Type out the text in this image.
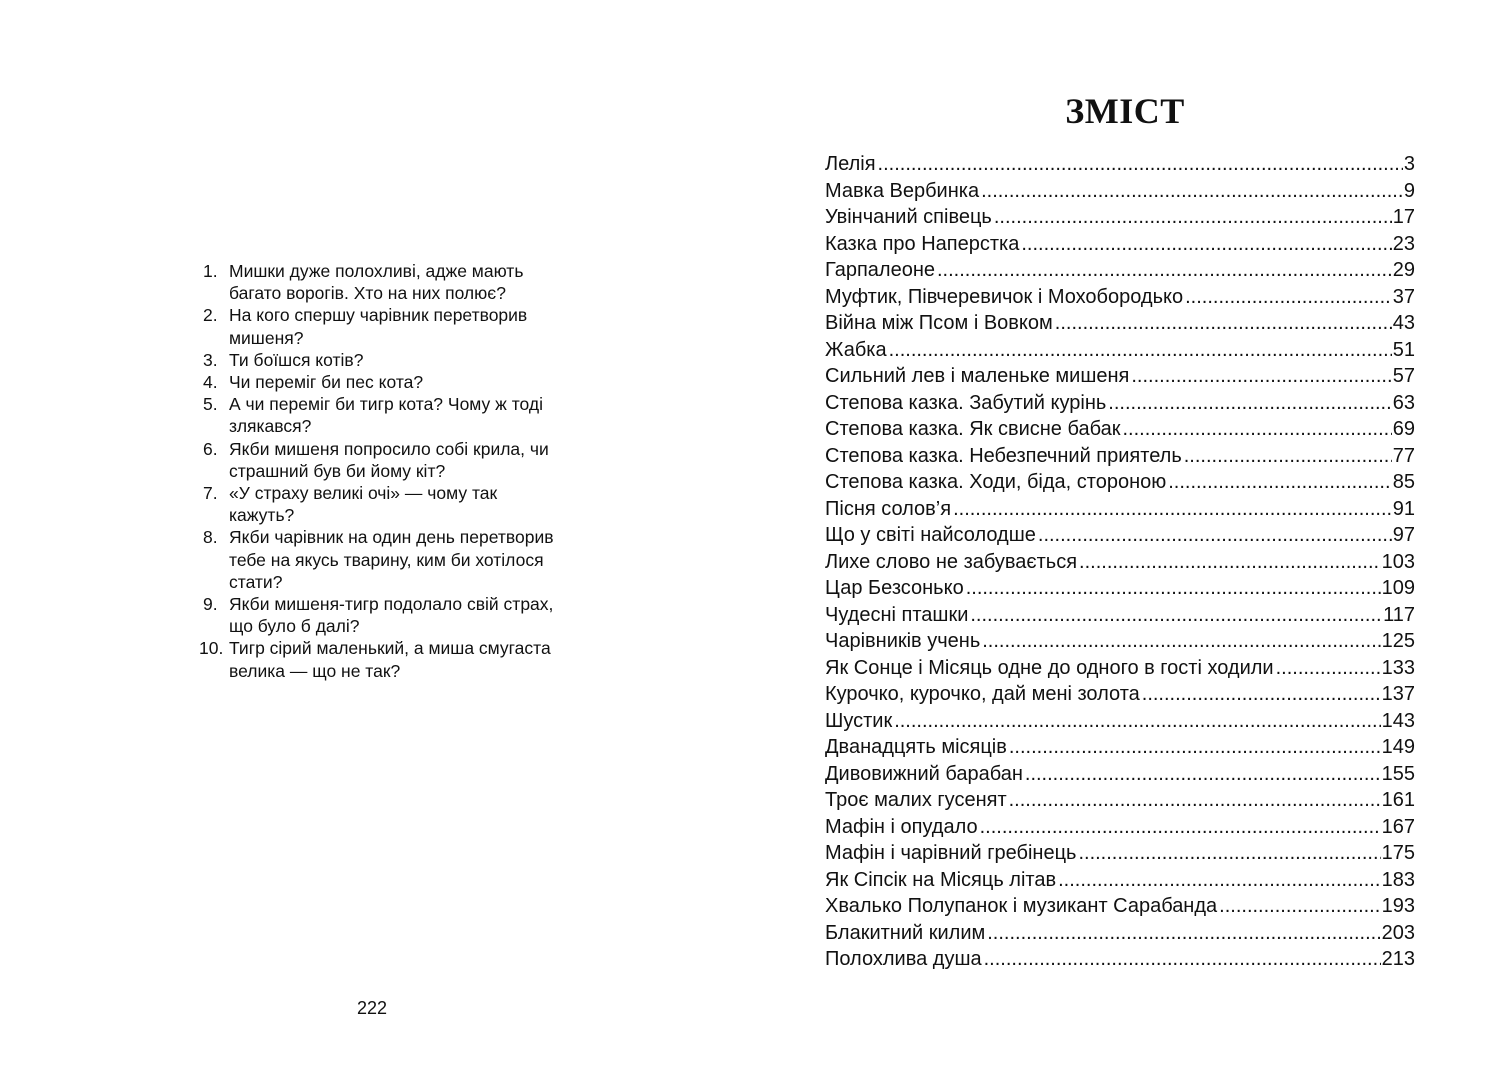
1. Мишки дуже полохливі, адже мають багато ворогів. Хто на них полює?
2. На кого спершу чарівник перетворив мишеня?
3. Ти боїшся котів?
4. Чи переміг би пес кота?
5. А чи переміг би тигр кота? Чому ж тоді злякався?
6. Якби мишеня попросило собі крила, чи страшний був би йому кіт?
7. «У страху великі очі» — чому так кажуть?
8. Якби чарівник на один день перетворив тебе на якусь тварину, ким би хотілося стати?
9. Якби мишеня-тигр подолало свій страх, що було б далі?
10. Тигр сірий маленький, а миша смугаста велика — що не так?
222
ЗМІСТ
Лелія .....	3
Мавка Вербинка .....	9
Увінчаний співець .....	17
Казка про Наперстка .....	23
Гарпалеоне .....	29
Муфтик, Півчеревичок і Мохобородько .....	37
Війна між Псом і Вовком .....	43
Жабка .....	51
Сильний лев і маленьке мишеня .....	57
Степова казка. Забутий курінь .....	63
Степова казка. Як свисне бабак .....	69
Степова казка. Небезпечний приятель .....	77
Степова казка. Ходи, біда, стороною .....	85
Пісня солов’я .....	91
Що у світі найсолодше .....	97
Лихе слово не забувається .....	103
Цар Безсонько .....	109
Чудесні пташки .....	117
Чарівників учень .....	125
Як Сонце і Місяць одне до одного в гості ходили .....	133
Курочко, курочко, дай мені золота .....	137
Шустик .....	143
Дванадцять місяців .....	149
Дивовижний барабан .....	155
Троє малих гусенят .....	161
Мафін і опудало .....	167
Мафін і чарівний гребінець .....	175
Як Сіпсік на Місяць літав .....	183
Хвалько Полупанок і музикант Сарабанда .....	193
Блакитний килим .....	203
Полохлива душа .....	213
